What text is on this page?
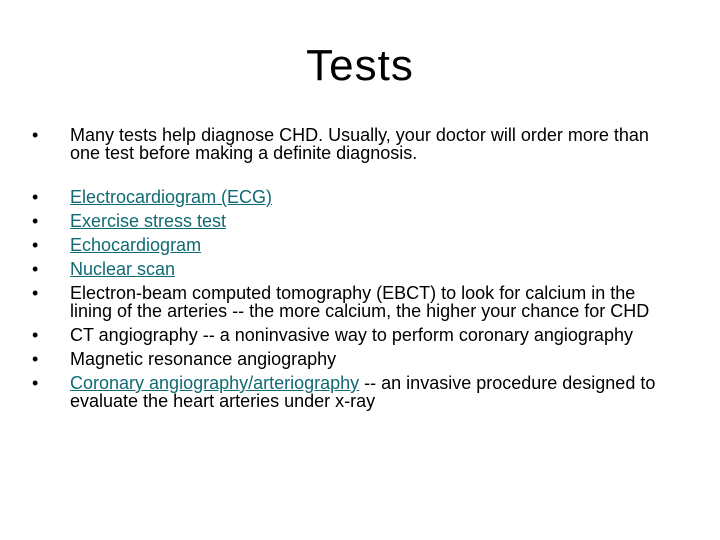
Tests
•	Many tests help diagnose CHD. Usually, your doctor will order more than one test before making a definite diagnosis.
•	Electrocardiogram (ECG)
•	Exercise stress test
•	Echocardiogram
•	Nuclear scan
•	Electron-beam computed tomography (EBCT) to look for calcium in the lining of the arteries -- the more calcium, the higher your chance for CHD
•	CT angiography -- a noninvasive way to perform coronary angiography
•	Magnetic resonance angiography
•	Coronary angiography/arteriography -- an invasive procedure designed to evaluate the heart arteries under x-ray
